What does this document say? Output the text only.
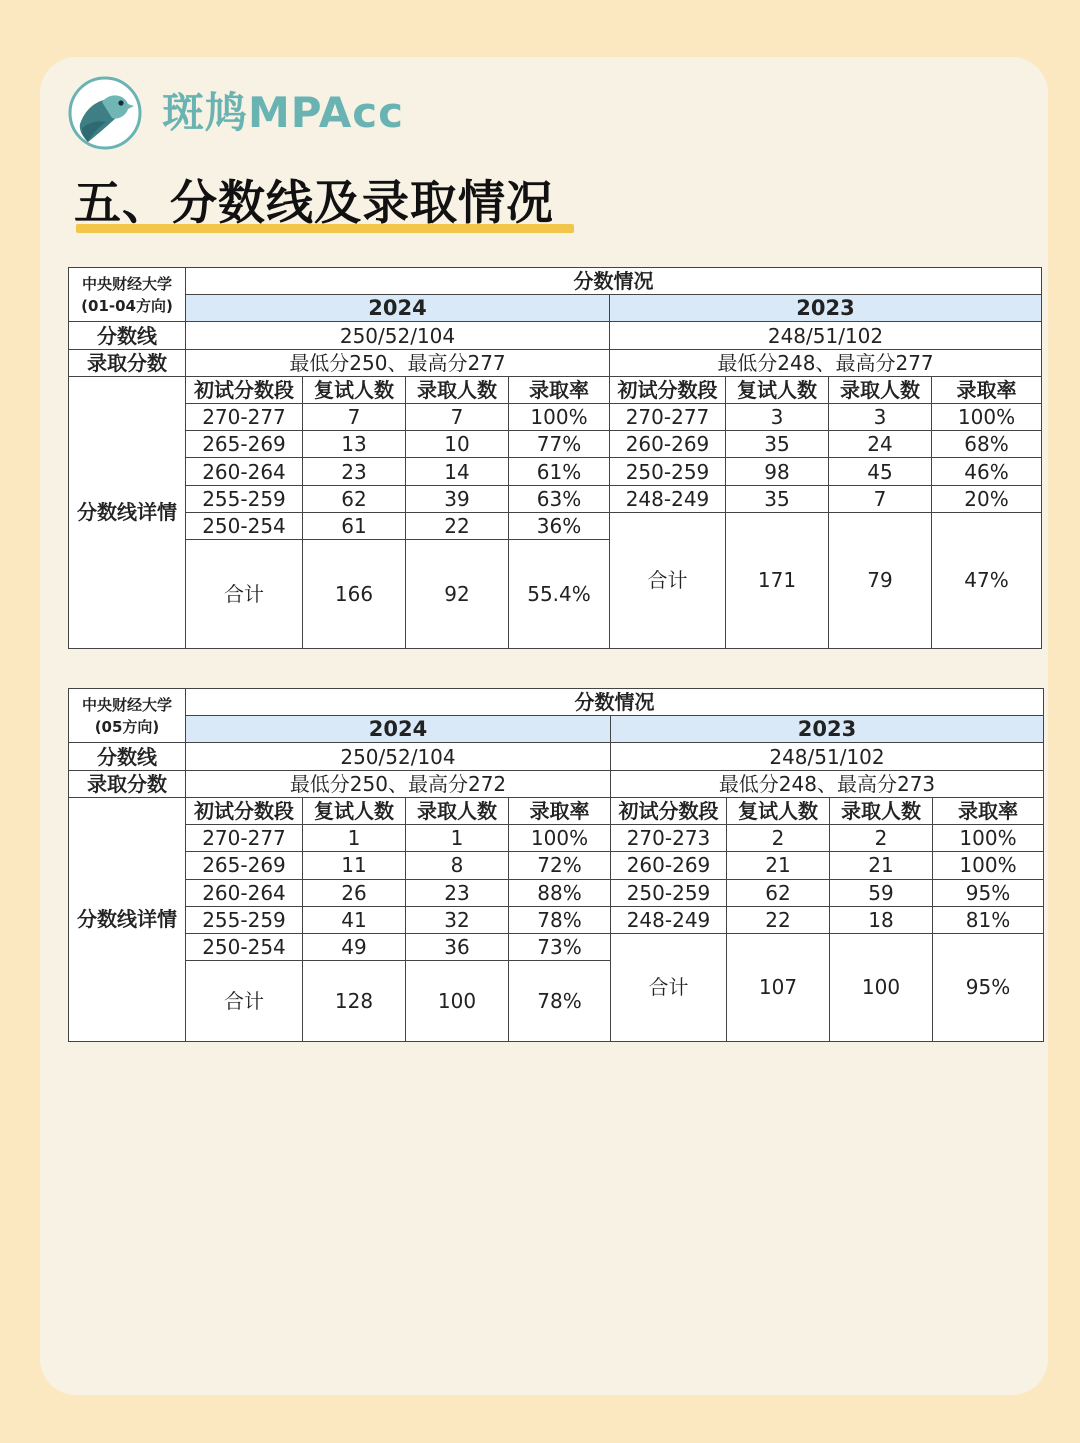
斑鸠MPAcc
五、分数线及录取情况
中央财经大学
(01-04方向)	分数情况							
	2024				2023			
分数线	250/52/104				248/51/102			
录取分数	最低分250、最高分277				最低分248、最高分277			
分数线详情	初试分数段	复试人数	录取人数	录取率	初试分数段	复试人数	录取人数	录取率
	270-277	7	7	100%	270-277	3	3	100%
	265-269	13	10	77%	260-269	35	24	68%
	260-264	23	14	61%	250-259	98	45	46%
	255-259	62	39	63%	248-249	35	7	20%
	250-254	61	22	36%	合计	171	79	47%
	合计	166	92	55.4%				

中央财经大学
(05方向)	分数情况							
	2024				2023			
分数线	250/52/104				248/51/102			
录取分数	最低分250、最高分272				最低分248、最高分273			
分数线详情	初试分数段	复试人数	录取人数	录取率	初试分数段	复试人数	录取人数	录取率
	270-277	1	1	100%	270-273	2	2	100%
	265-269	11	8	72%	260-269	21	21	100%
	260-264	26	23	88%	250-259	62	59	95%
	255-259	41	32	78%	248-249	22	18	81%
	250-254	49	36	73%	合计	107	100	95%
	合计	128	100	78%				
